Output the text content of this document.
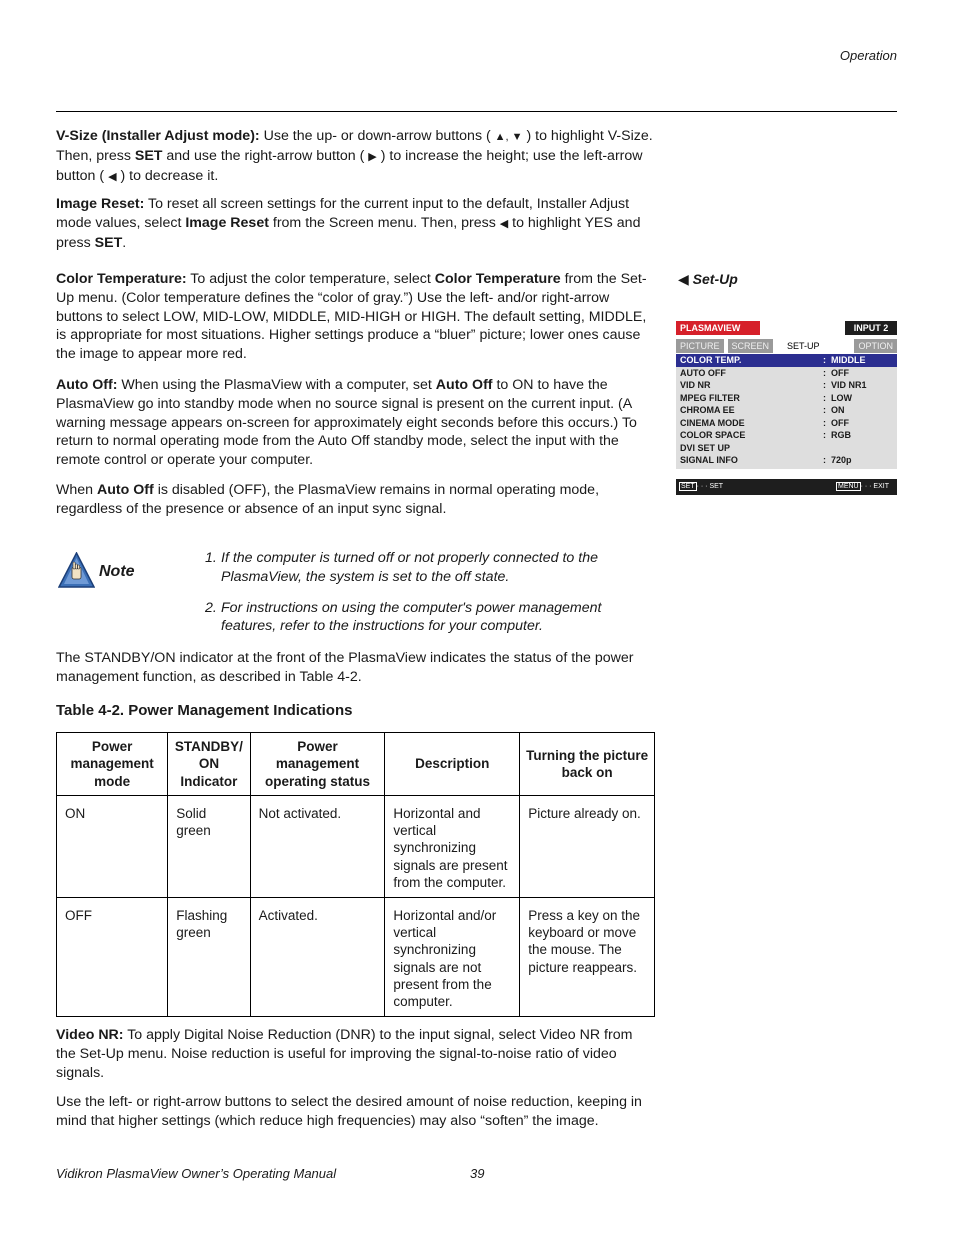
Operation

V-Size (Installer Adjust mode): Use the up- or down-arrow buttons ( ▲, ▼ ) to highlight V-Size. Then, press SET and use the right-arrow button ( ▶ ) to increase the height; use the left-arrow button ( ◀ ) to decrease it.

Image Reset: To reset all screen settings for the current input to the default, Installer Adjust mode values, select Image Reset from the Screen menu. Then, press ◀ to highlight YES and press SET.

Color Temperature: To adjust the color temperature, select Color Temperature from the Set-Up menu. (Color temperature defines the “color of gray.”) Use the left- and/or right-arrow buttons to select LOW, MID-LOW, MIDDLE, MID-HIGH or HIGH. The default setting, MIDDLE, is appropriate for most situations. Higher settings produce a “bluer” picture; lower ones cause the image to appear more red.

Auto Off: When using the PlasmaView with a computer, set Auto Off to ON to have the PlasmaView go into standby mode when no source signal is present on the current input. (A warning message appears on-screen for approximately eight seconds before this occurs.) To return to normal operating mode from the Auto Off standby mode, select the input with the remote control or operate your computer.

When Auto Off is disabled (OFF), the PlasmaView remains in normal operating mode, regardless of the presence or absence of an input sync signal.

◀ Set-Up
PLASMAVIEW	INPUT 2
PICTURE	SCREEN	SET-UP	OPTION
COLOR TEMP.	: MIDDLE
AUTO OFF	: OFF
VID NR	: VID NR1
MPEG FILTER	: LOW
CHROMA EE	: ON
CINEMA MODE	: OFF
COLOR SPACE	: RGB
DVI SET UP
SIGNAL INFO	: 720p
SET · · · SET	MENU · · · EXIT
Note
1. If the computer is turned off or not properly connected to the PlasmaView, the system is set to the off state.
2. For instructions on using the computer's power management features, refer to the instructions for your computer.

The STANDBY/ON indicator at the front of the PlasmaView indicates the status of the power management function, as described in Table 4-2.

Table 4-2. Power Management Indications
Power management mode	STANDBY/ ON Indicator	Power management operating status	Description	Turning the picture back on
ON	Solid green	Not activated.	Horizontal and vertical synchronizing signals are present from the computer.	Picture already on.
OFF	Flashing green	Activated.	Horizontal and/or vertical synchronizing signals are not present from the computer.	Press a key on the keyboard or move the mouse. The picture reappears.

Video NR: To apply Digital Noise Reduction (DNR) to the input signal, select Video NR from the Set-Up menu. Noise reduction is useful for improving the signal-to-noise ratio of video signals.

Use the left- or right-arrow buttons to select the desired amount of noise reduction, keeping in mind that higher settings (which reduce high frequencies) may also “soften” the image.

Vidikron PlasmaView Owner’s Operating Manual	39
